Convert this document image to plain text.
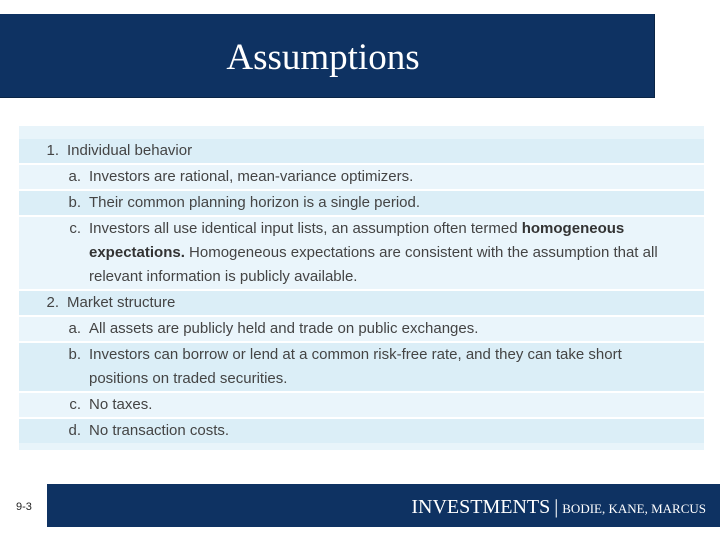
Assumptions
1. Individual behavior
a. Investors are rational, mean-variance optimizers.
b. Their common planning horizon is a single period.
c. Investors all use identical input lists, an assumption often termed homogeneous expectations. Homogeneous expectations are consistent with the assumption that all relevant information is publicly available.
2. Market structure
a. All assets are publicly held and trade on public exchanges.
b. Investors can borrow or lend at a common risk-free rate, and they can take short positions on traded securities.
c. No taxes.
d. No transaction costs.
9-3	INVESTMENTS | BODIE, KANE, MARCUS
